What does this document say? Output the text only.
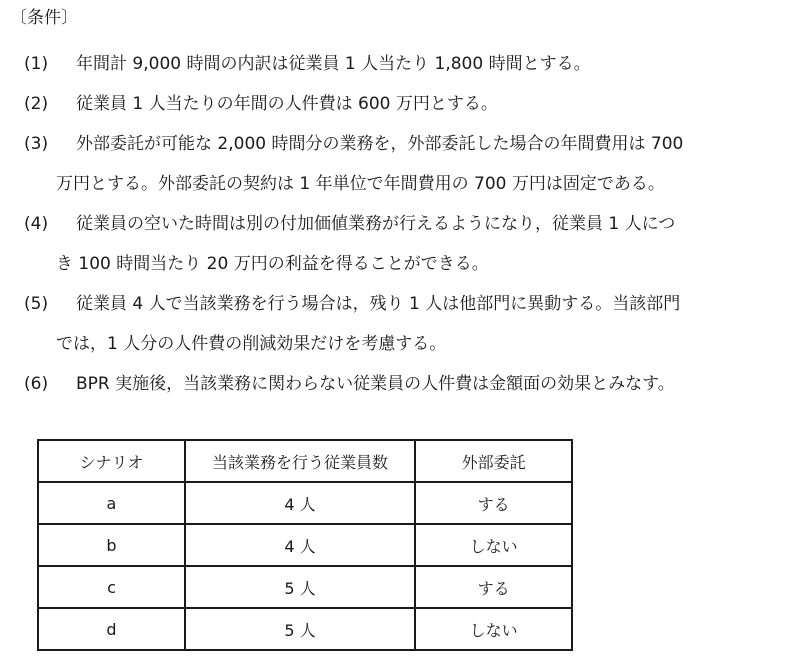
〔条件〕
(1) 年間計 9,000 時間の内訳は従業員 1 人当たり 1,800 時間とする。
(2) 従業員 1 人当たりの年間の人件費は 600 万円とする。
(3) 外部委託が可能な 2,000 時間分の業務を，外部委託した場合の年間費用は 700
万円とする。外部委託の契約は 1 年単位で年間費用の 700 万円は固定である。
(4) 従業員の空いた時間は別の付加価値業務が行えるようになり，従業員 1 人につ
き 100 時間当たり 20 万円の利益を得ることができる。
(5) 従業員 4 人で当該業務を行う場合は，残り 1 人は他部門に異動する。当該部門
では，1 人分の人件費の削減効果だけを考慮する。
(6) BPR 実施後，当該業務に関わらない従業員の人件費は金額面の効果とみなす。
シナリオ	当該業務を行う従業員数	外部委託
a	4 人	する
b	4 人	しない
c	5 人	する
d	5 人	しない
